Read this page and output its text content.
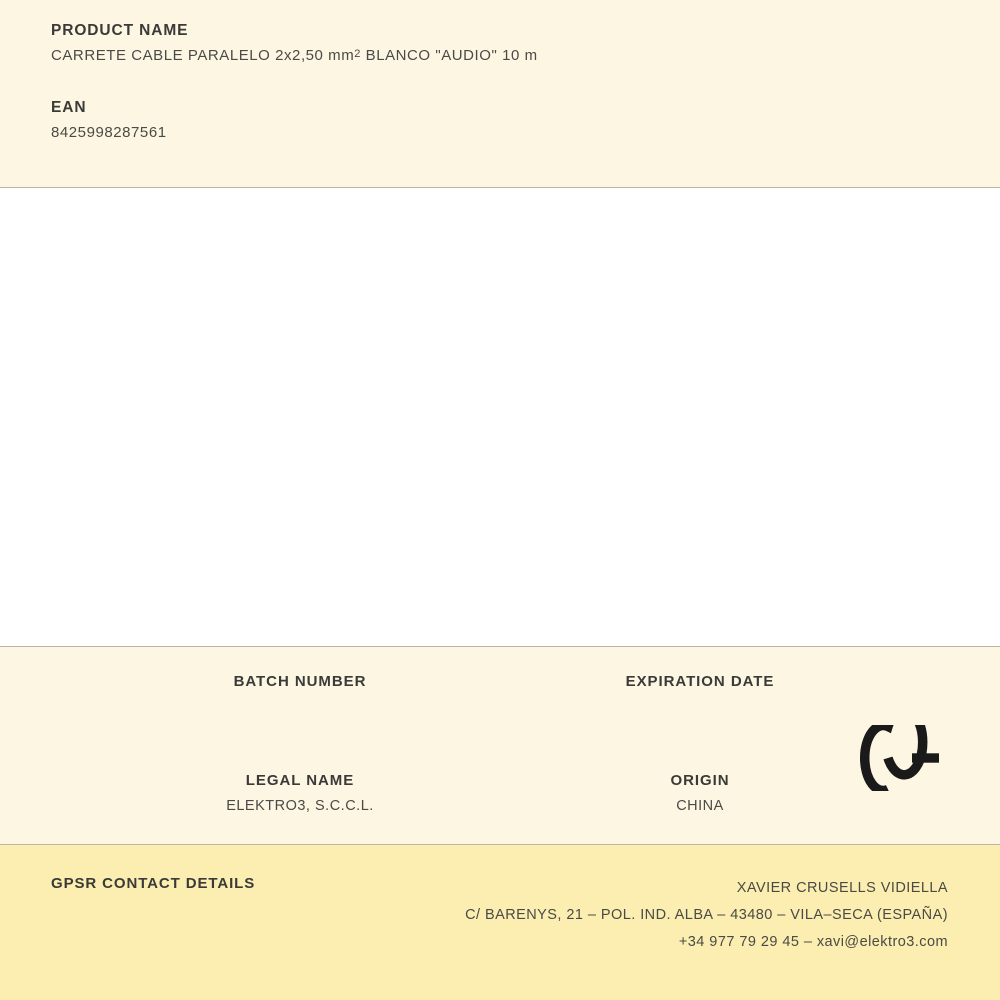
PRODUCT NAME

CARRETE CABLE PARALELO 2x2,50 $mm^2$ BLANCO "AUDIO" 10 m

EAN

8425998287561

BATCH NUMBER	EXPIRATION DATE

LEGAL NAME

ELEKTRO3, S.C.C.L.

ORIGIN

CHINA

GPSR CONTACT DETAILS	XAVIER CRUSELLS VIDIELLA
C/ BARENYS, 21 – POL. IND. ALBA – 43480 – VILA–SECA (ESPAÑA)
+34 977 79 29 45 – xavi@elektro3.com
